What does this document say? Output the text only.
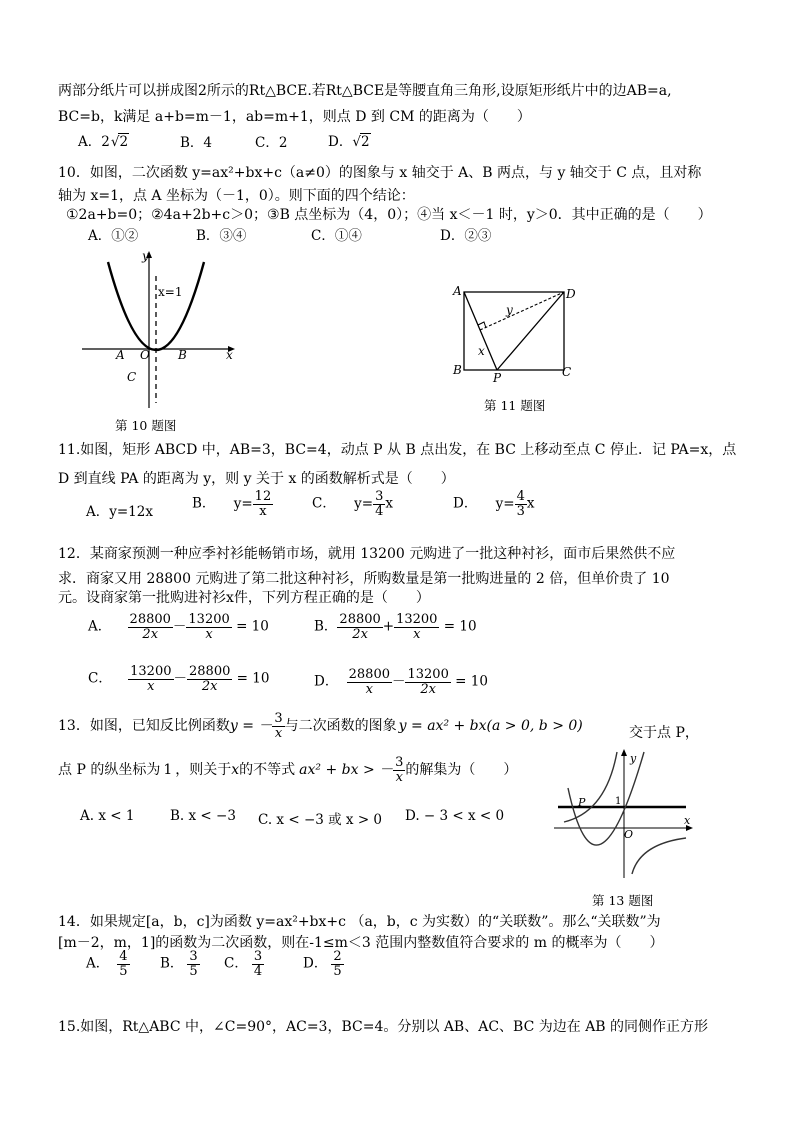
两部分纸片可以拼成图2所示的Rt△BCE.若Rt△BCE是等腰直角三角形,设原矩形纸片中的边AB=a,
BC=b，k满足 a+b=m－1，ab=m+1，则点 D 到 CM 的距离为（　　）
A．2√2	B．4	C．2	D．√2
10．如图，二次函数 y=ax²+bx+c（a≠0）的图象与 x 轴交于 A、B 两点，与 y 轴交于 C 点，且对称
轴为 x=1，点 A 坐标为（－1，0）。则下面的四个结论：
①2a+b=0；②4a+2b+c＞0；③B 点坐标为（4，0）；④当 x＜－1 时，y＞0．其中正确的是（　　）
A．①②	B．③④	C．①④	D．②③
y
x=1
A O B	x
C
第 10 题图
A	D
y
x
B
P	C
第 11 题图
11.如图，矩形 ABCD 中，AB=3，BC=4，动点 P 从 B 点出发，在 BC 上移动至点 C 停止．记 PA=x，点
D 到直线 PA 的距离为 y，则 y 关于 x 的函数解析式是（　　）
A．y=12x
B． $y= \frac{12}{x}$	C． $y= \frac{3}{4}$ x	D． $y= \frac{4}{3}$ x
12．某商家预测一种应季衬衫能畅销市场，就用 13200 元购进了一批这种衬衫，面市后果然供不应
求．商家又用 28800 元购进了第二批这种衬衫，所购数量是第一批购进量的 2 倍，但单价贵了 10
元。设商家第一批购进衬衫x件，下列方程正确的是（　　）
A． $\frac{28800}{2x} - \frac{13200}{x} = 10$	B． $\frac{28800}{2x} + \frac{13200}{x} = 10$
C． $\frac{13200}{x} - \frac{28800}{2x} = 10$	D． $\frac{28800}{x} - \frac{13200}{2x} = 10$
13．如图，已知反比例函数y = － $\frac{3}{x}$ 与二次函数的图象 y = ax² + bx(a > 0, b > 0)	交于点 P，
点 P 的纵坐标为 1 ，则关于x的不等式 ax² + bx > － $\frac{3}{x}$ 的解集为（　　）
A. x < 1	B. x < −3 C. x < −3 或 x > 0 D. − 3 < x < 0
y
P	1
O
x
第 13 题图
14．如果规定[a，b，c]为函数 y=ax²+bx+c （a，b，c 为实数）的“关联数”。那么“关联数”为
[m－2，m，1]的函数为二次函数，则在-1≤m＜3 范围内整数值符合要求的 m 的概率为（　　）
A． $\frac{4}{5}$ B． $\frac{3}{5}$ C． $\frac{3}{4}$	D． $\frac{2}{5}$
15.如图，Rt△ABC 中，∠C=90°，AC=3，BC=4。分别以 AB、AC、BC 为边在 AB 的同侧作正方形
